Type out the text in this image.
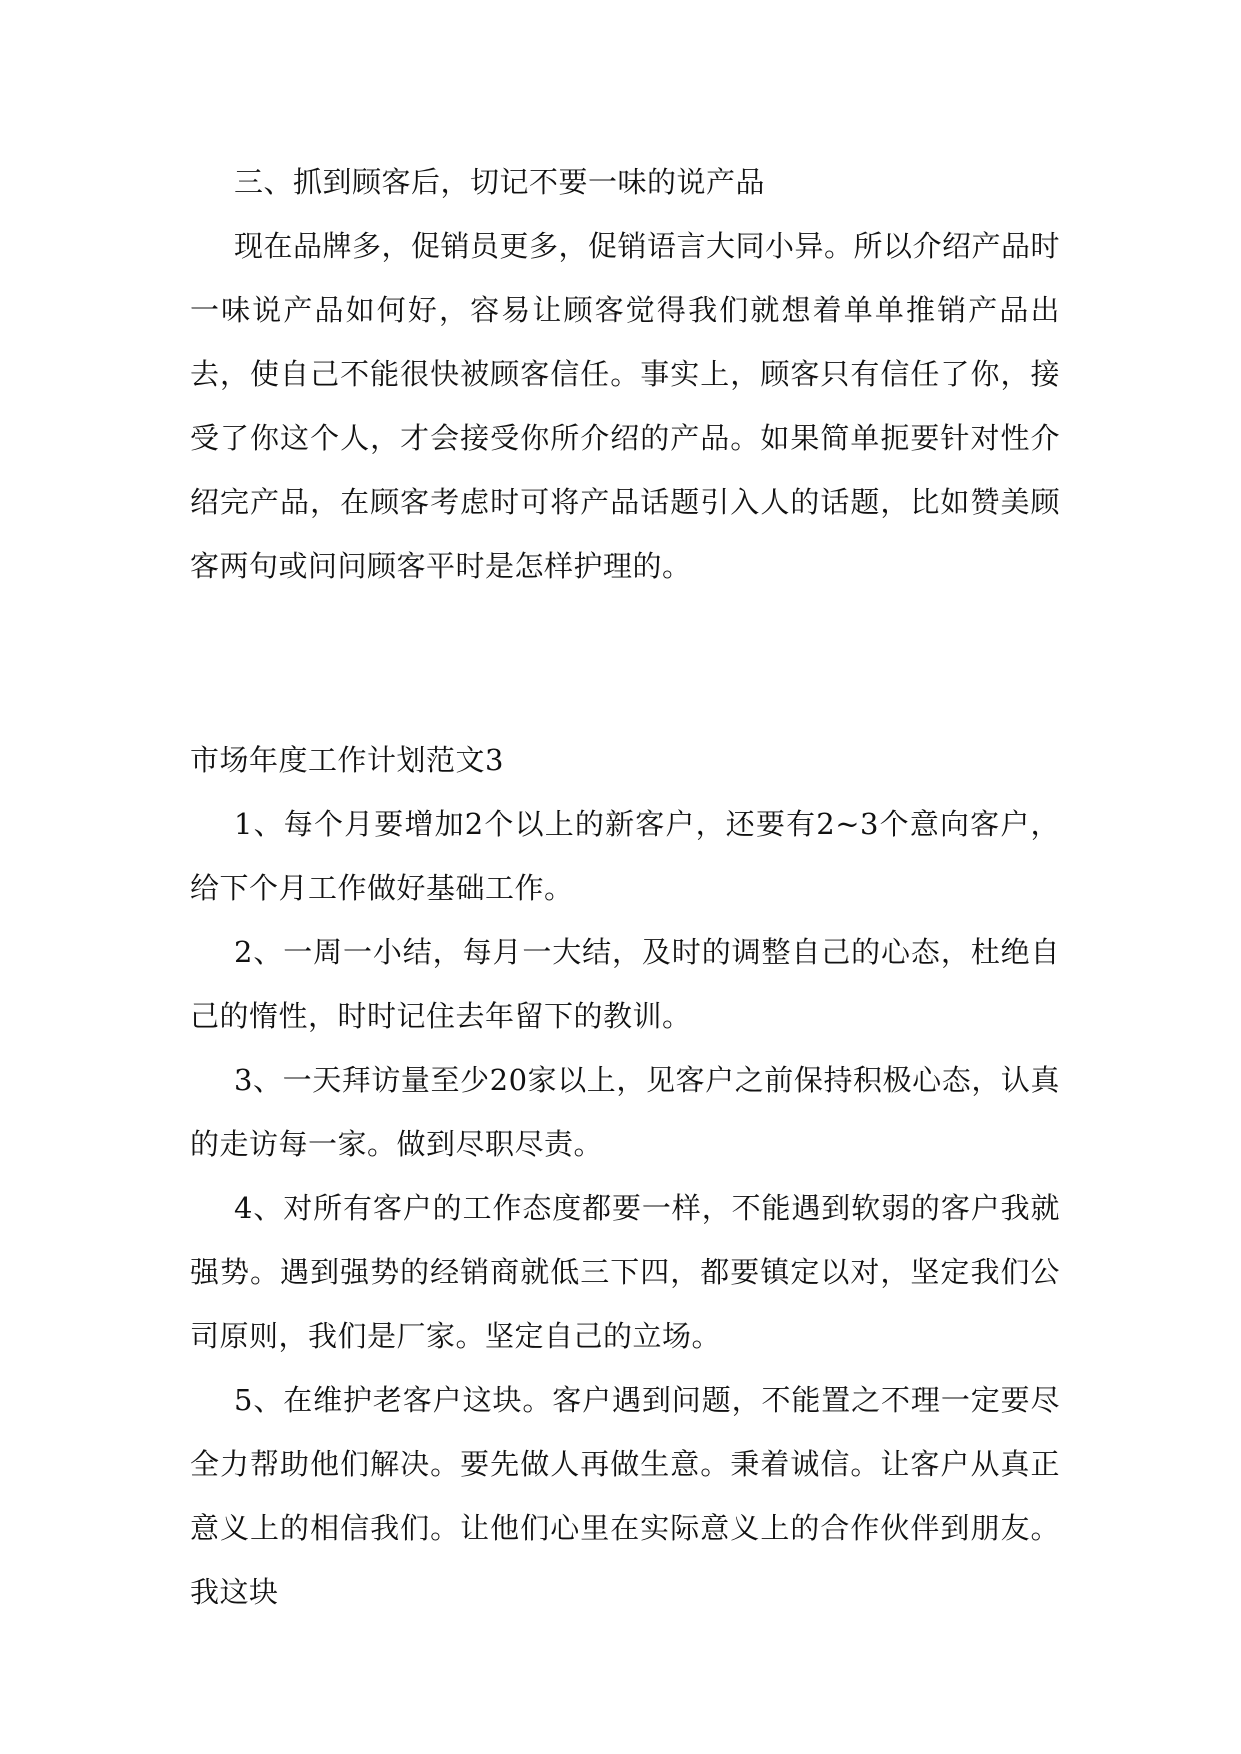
三、抓到顾客后，切记不要一味的说产品

现在品牌多，促销员更多，促销语言大同小异。所以介绍产品时一味说产品如何好，容易让顾客觉得我们就想着单单推销产品出去，使自己不能很快被顾客信任。事实上，顾客只有信任了你，接受了你这个人，才会接受你所介绍的产品。如果简单扼要针对性介绍完产品，在顾客考虑时可将产品话题引入人的话题，比如赞美顾客两句或问问顾客平时是怎样护理的。

市场年度工作计划范文3

1、每个月要增加2个以上的新客户，还要有2~3个意向客户，给下个月工作做好基础工作。

2、一周一小结，每月一大结，及时的调整自己的心态，杜绝自己的惰性，时时记住去年留下的教训。

3、一天拜访量至少20家以上，见客户之前保持积极心态，认真的走访每一家。做到尽职尽责。

4、对所有客户的工作态度都要一样，不能遇到软弱的客户我就强势。遇到强势的经销商就低三下四，都要镇定以对，坚定我们公司原则，我们是厂家。坚定自己的立场。

5、在维护老客户这块。客户遇到问题，不能置之不理一定要尽全力帮助他们解决。要先做人再做生意。秉着诚信。让客户从真正意义上的相信我们。让他们心里在实际意义上的合作伙伴到朋友。我这块
